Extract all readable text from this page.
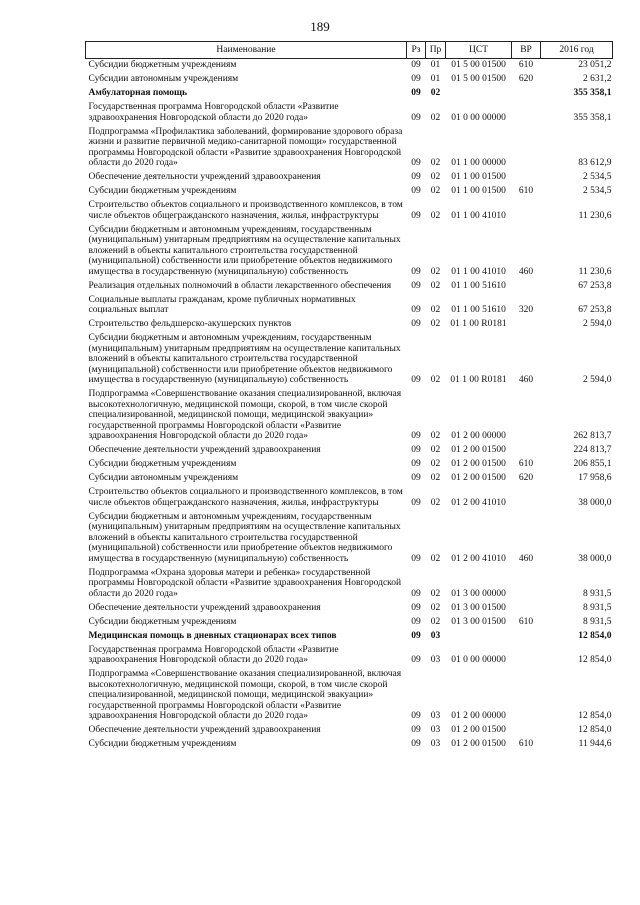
189
Наименование	Рз	Пр	ЦСТ	ВР	2016 год
Субсидии бюджетным учреждениям	09	01	01 5 00 01500	610	23 051,2
Субсидии автономным учреждениям	09	01	01 5 00 01500	620	2 631,2
Амбулаторная помощь	09	02			355 358,1
Государственная программа Новгородской области «Развитие здравоохранения Новгородской области до 2020 года»	09	02	01 0 00 00000		355 358,1
Подпрограмма «Профилактика заболеваний, формирование здорового образа жизни и развитие первичной медико-санитарной помощи» государственной программы Новгородской области «Развитие здравоохранения Новгородской области до 2020 года»	09	02	01 1 00 00000		83 612,9
Обеспечение деятельности учреждений здравоохранения	09	02	01 1 00 01500		2 534,5
Субсидии бюджетным учреждениям	09	02	01 1 00 01500	610	2 534,5
Строительство объектов социального и производственного комплексов, в том числе объектов общегражданского назначения, жилья, инфраструктуры	09	02	01 1 00 41010		11 230,6
Субсидии бюджетным и автономным учреждениям, государственным (муниципальным) унитарным предприятиям на осуществление капитальных вложений в объекты капитального строительства государственной (муниципальной) собственности или приобретение объектов недвижимого имущества в государственную (муниципальную) собственность	09	02	01 1 00 41010	460	11 230,6
Реализация отдельных полномочий в области лекарственного обеспечения	09	02	01 1 00 51610		67 253,8
Социальные выплаты гражданам, кроме публичных нормативных социальных выплат	09	02	01 1 00 51610	320	67 253,8
Строительство фельдшерско-акушерских пунктов	09	02	01 1 00 R0181		2 594,0
Субсидии бюджетным и автономным учреждениям, государственным (муниципальным) унитарным предприятиям на осуществление капитальных вложений в объекты капитального строительства государственной (муниципальной) собственности или приобретение объектов недвижимого имущества в государственную (муниципальную) собственность	09	02	01 1 00 R0181	460	2 594,0
Подпрограмма «Совершенствование оказания специализированной, включая высокотехнологичную, медицинской помощи, скорой, в том числе скорой специализированной, медицинской помощи, медицинской эвакуации» государственной программы Новгородской области «Развитие здравоохранения Новгородской области до 2020 года»	09	02	01 2 00 00000		262 813,7
Обеспечение деятельности учреждений здравоохранения	09	02	01 2 00 01500		224 813,7
Субсидии бюджетным учреждениям	09	02	01 2 00 01500	610	206 855,1
Субсидии автономным учреждениям	09	02	01 2 00 01500	620	17 958,6
Строительство объектов социального и производственного комплексов, в том числе объектов общегражданского назначения, жилья, инфраструктуры	09	02	01 2 00 41010		38 000,0
Субсидии бюджетным и автономным учреждениям, государственным (муниципальным) унитарным предприятиям на осуществление капитальных вложений в объекты капитального строительства государственной (муниципальной) собственности или приобретение объектов недвижимого имущества в государственную (муниципальную) собственность	09	02	01 2 00 41010	460	38 000,0
Подпрограмма «Охрана здоровья матери и ребенка» государственной программы Новгородской области «Развитие здравоохранения Новгородской области до 2020 года»	09	02	01 3 00 00000		8 931,5
Обеспечение деятельности учреждений здравоохранения	09	02	01 3 00 01500		8 931,5
Субсидии бюджетным учреждениям	09	02	01 3 00 01500	610	8 931,5
Медицинская помощь в дневных стационарах всех типов	09	03			12 854,0
Государственная программа Новгородской области «Развитие здравоохранения Новгородской области до 2020 года»	09	03	01 0 00 00000		12 854,0
Подпрограмма «Совершенствование оказания специализированной, включая высокотехнологичную, медицинской помощи, скорой, в том числе скорой специализированной, медицинской помощи, медицинской эвакуации» государственной программы Новгородской области «Развитие здравоохранения Новгородской области до 2020 года»	09	03	01 2 00 00000		12 854,0
Обеспечение деятельности учреждений здравоохранения	09	03	01 2 00 01500		12 854,0
Субсидии бюджетным учреждениям	09	03	01 2 00 01500	610	11 944,6
